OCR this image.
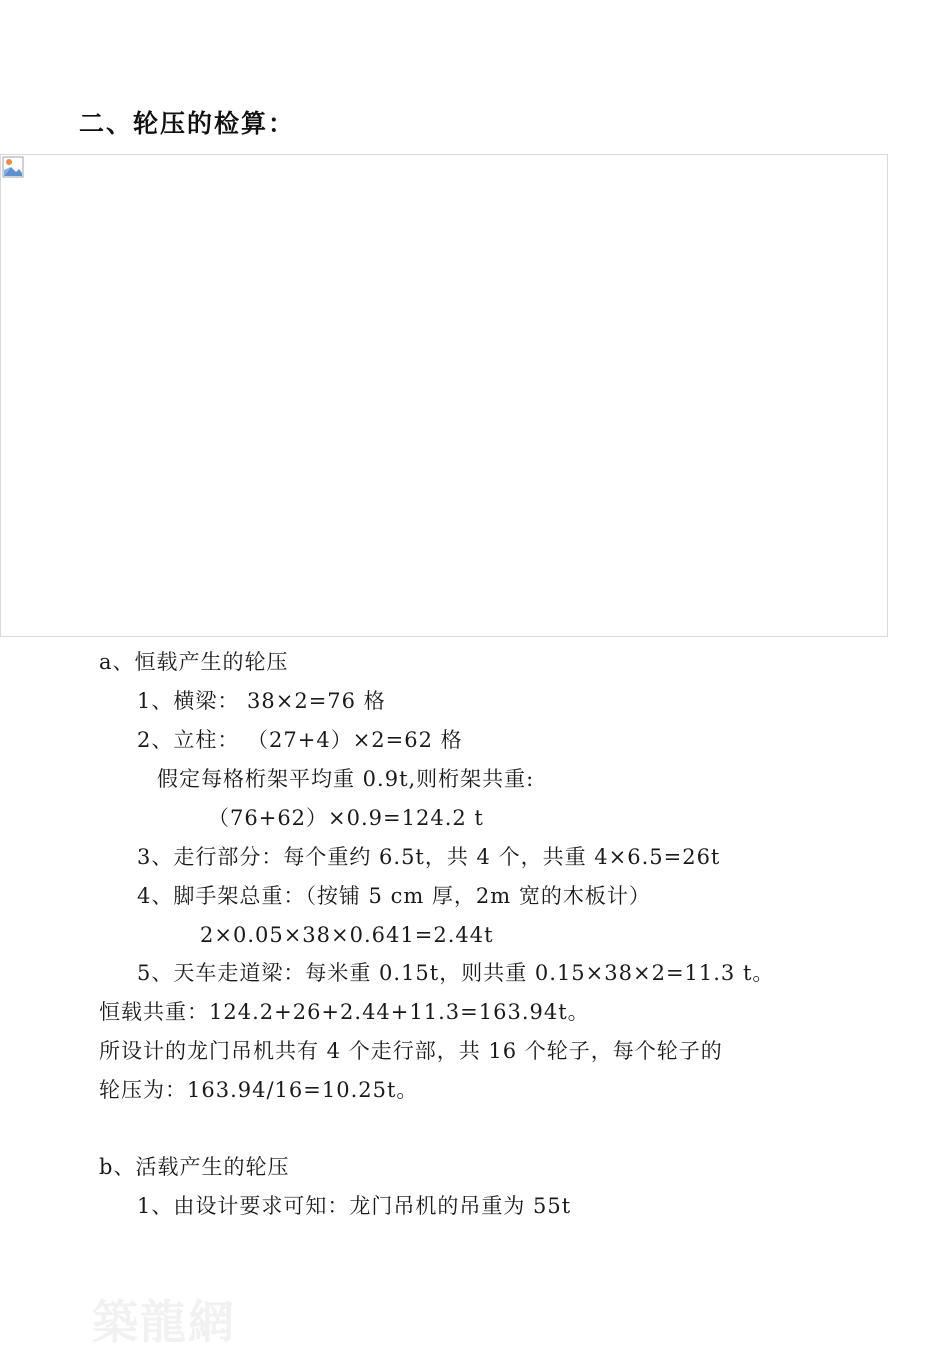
二、轮压的检算：
a、恒载产生的轮压
1、横梁： 38×2=76 格
2、立柱： （27+4）×2=62 格
假定每格桁架平均重 0.9t,则桁架共重:
（76+62）×0.9=124.2 t
3、走行部分：每个重约 6.5t，共 4 个，共重 4×6.5=26t
4、脚手架总重：（按铺 5 cm 厚，2m 宽的木板计）
2×0.05×38×0.641=2.44t
5、天车走道梁：每米重 0.15t，则共重 0.15×38×2=11.3 t。
恒载共重：124.2+26+2.44+11.3=163.94t。
所设计的龙门吊机共有 4 个走行部，共 16 个轮子，每个轮子的
轮压为：163.94/16=10.25t。
b、活载产生的轮压
1、由设计要求可知：龙门吊机的吊重为 55t
築龍網
